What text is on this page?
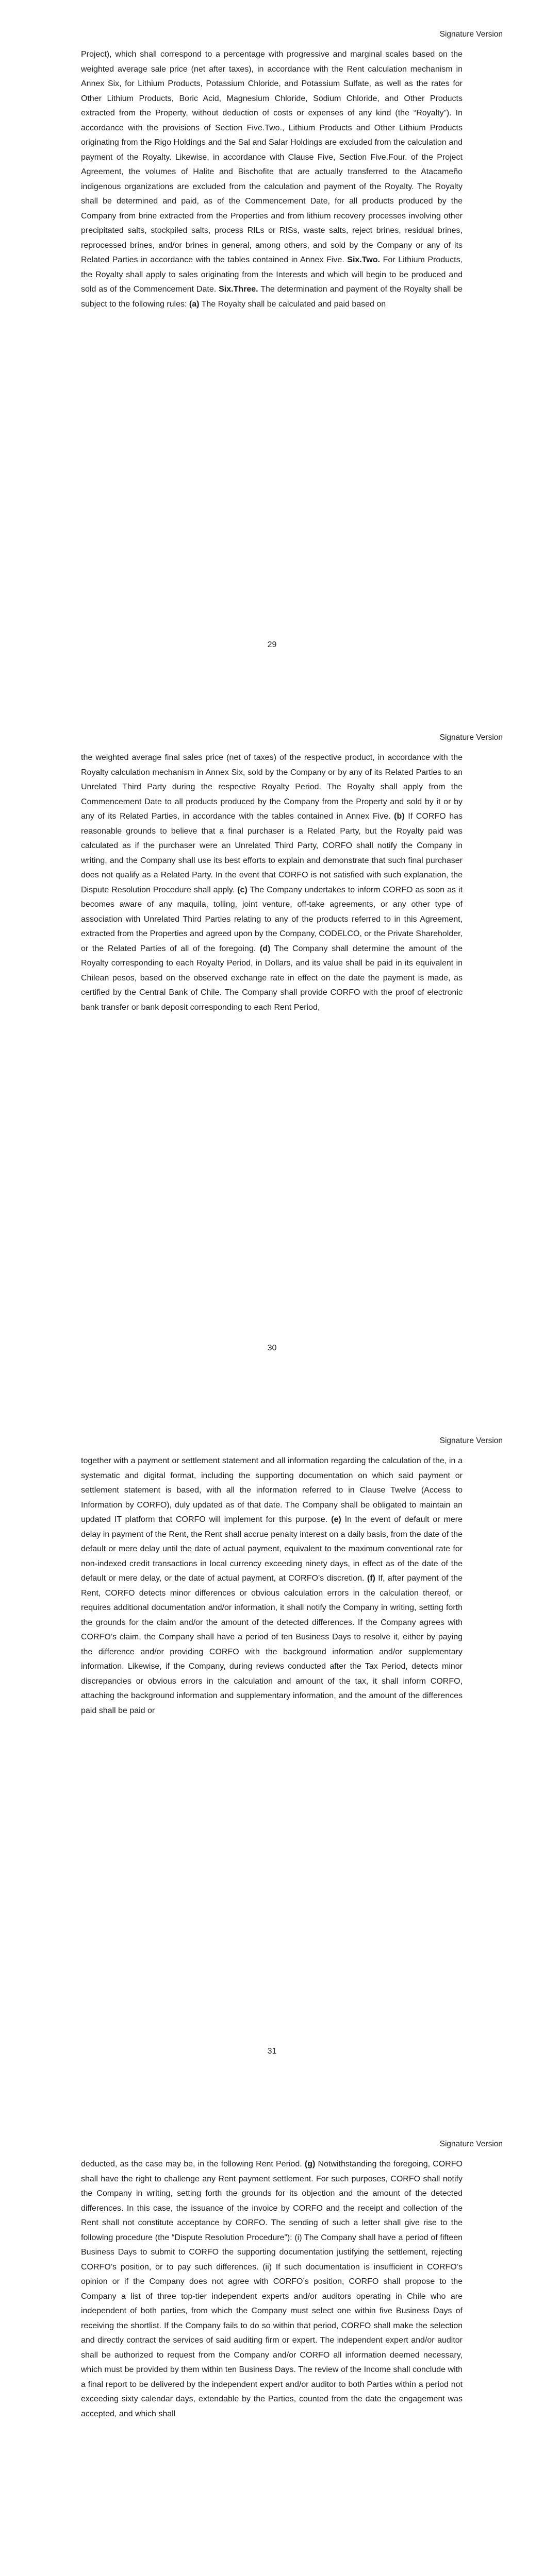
Signature Version
Project), which shall correspond to a percentage with progressive and marginal scales based on the weighted average sale price (net after taxes), in accordance with the Rent calculation mechanism in Annex Six, for Lithium Products, Potassium Chloride, and Potassium Sulfate, as well as the rates for Other Lithium Products, Boric Acid, Magnesium Chloride, Sodium Chloride, and Other Products extracted from the Property, without deduction of costs or expenses of any kind (the “Royalty”). In accordance with the provisions of Section Five.Two., Lithium Products and Other Lithium Products originating from the Rigo Holdings and the Sal and Salar Holdings are excluded from the calculation and payment of the Royalty. Likewise, in accordance with Clause Five, Section Five.Four. of the Project Agreement, the volumes of Halite and Bischofite that are actually transferred to the Atacameño indigenous organizations are excluded from the calculation and payment of the Royalty. The Royalty shall be determined and paid, as of the Commencement Date, for all products produced by the Company from brine extracted from the Properties and from lithium recovery processes involving other precipitated salts, stockpiled salts, process RILs or RISs, waste salts, reject brines, residual brines, reprocessed brines, and/or brines in general, among others, and sold by the Company or any of its Related Parties in accordance with the tables contained in Annex Five. Six.Two. For Lithium Products, the Royalty shall apply to sales originating from the Interests and which will begin to be produced and sold as of the Commencement Date. Six.Three. The determination and payment of the Royalty shall be subject to the following rules: (a) The Royalty shall be calculated and paid based on
29
Signature Version
the weighted average final sales price (net of taxes) of the respective product, in accordance with the Royalty calculation mechanism in Annex Six, sold by the Company or by any of its Related Parties to an Unrelated Third Party during the respective Royalty Period. The Royalty shall apply from the Commencement Date to all products produced by the Company from the Property and sold by it or by any of its Related Parties, in accordance with the tables contained in Annex Five. (b) If CORFO has reasonable grounds to believe that a final purchaser is a Related Party, but the Royalty paid was calculated as if the purchaser were an Unrelated Third Party, CORFO shall notify the Company in writing, and the Company shall use its best efforts to explain and demonstrate that such final purchaser does not qualify as a Related Party. In the event that CORFO is not satisfied with such explanation, the Dispute Resolution Procedure shall apply. (c) The Company undertakes to inform CORFO as soon as it becomes aware of any maquila, tolling, joint venture, off-take agreements, or any other type of association with Unrelated Third Parties relating to any of the products referred to in this Agreement, extracted from the Properties and agreed upon by the Company, CODELCO, or the Private Shareholder, or the Related Parties of all of the foregoing. (d) The Company shall determine the amount of the Royalty corresponding to each Royalty Period, in Dollars, and its value shall be paid in its equivalent in Chilean pesos, based on the observed exchange rate in effect on the date the payment is made, as certified by the Central Bank of Chile. The Company shall provide CORFO with the proof of electronic bank transfer or bank deposit corresponding to each Rent Period,
30
Signature Version
together with a payment or settlement statement and all information regarding the calculation of the, in a systematic and digital format, including the supporting documentation on which said payment or settlement statement is based, with all the information referred to in Clause Twelve (Access to Information by CORFO), duly updated as of that date. The Company shall be obligated to maintain an updated IT platform that CORFO will implement for this purpose. (e) In the event of default or mere delay in payment of the Rent, the Rent shall accrue penalty interest on a daily basis, from the date of the default or mere delay until the date of actual payment, equivalent to the maximum conventional rate for non-indexed credit transactions in local currency exceeding ninety days, in effect as of the date of the default or mere delay, or the date of actual payment, at CORFO’s discretion. (f) If, after payment of the Rent, CORFO detects minor differences or obvious calculation errors in the calculation thereof, or requires additional documentation and/or information, it shall notify the Company in writing, setting forth the grounds for the claim and/or the amount of the detected differences. If the Company agrees with CORFO’s claim, the Company shall have a period of ten Business Days to resolve it, either by paying the difference and/or providing CORFO with the background information and/or supplementary information. Likewise, if the Company, during reviews conducted after the Tax Period, detects minor discrepancies or obvious errors in the calculation and amount of the tax, it shall inform CORFO, attaching the background information and supplementary information, and the amount of the differences paid shall be paid or
31
Signature Version
deducted, as the case may be, in the following Rent Period. (g) Notwithstanding the foregoing, CORFO shall have the right to challenge any Rent payment settlement. For such purposes, CORFO shall notify the Company in writing, setting forth the grounds for its objection and the amount of the detected differences. In this case, the issuance of the invoice by CORFO and the receipt and collection of the Rent shall not constitute acceptance by CORFO. The sending of such a letter shall give rise to the following procedure (the “Dispute Resolution Procedure”): (i) The Company shall have a period of fifteen Business Days to submit to CORFO the supporting documentation justifying the settlement, rejecting CORFO’s position, or to pay such differences. (ii) If such documentation is insufficient in CORFO’s opinion or if the Company does not agree with CORFO’s position, CORFO shall propose to the Company a list of three top-tier independent experts and/or auditors operating in Chile who are independent of both parties, from which the Company must select one within five Business Days of receiving the shortlist. If the Company fails to do so within that period, CORFO shall make the selection and directly contract the services of said auditing firm or expert. The independent expert and/or auditor shall be authorized to request from the Company and/or CORFO all information deemed necessary, which must be provided by them within ten Business Days. The review of the Income shall conclude with a final report to be delivered by the independent expert and/or auditor to both Parties within a period not exceeding sixty calendar days, extendable by the Parties, counted from the date the engagement was accepted, and which shall
